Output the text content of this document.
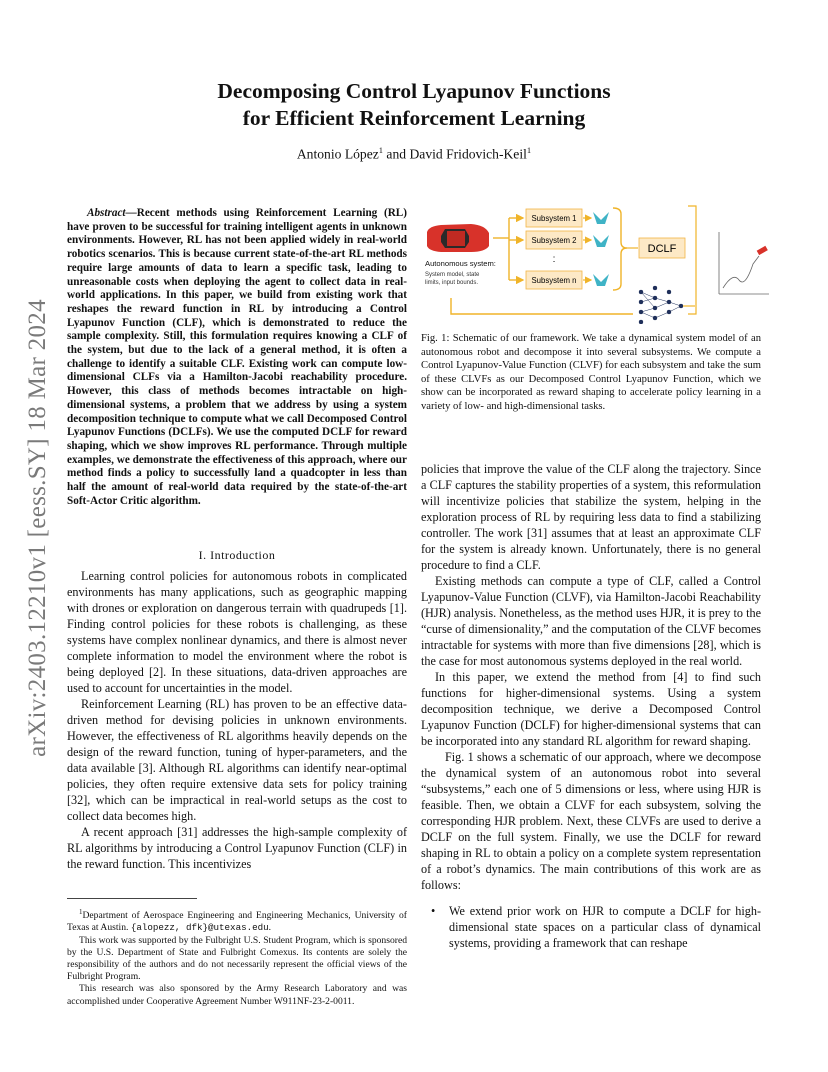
arXiv:2403.12210v1 [eess.SY] 18 Mar 2024
Decomposing Control Lyapunov Functions
for Efficient Reinforcement Learning
Antonio López$^1$ and David Fridovich-Keil$^1$
Abstract—Recent methods using Reinforcement Learning (RL) have proven to be successful for training intelligent agents in unknown environments. However, RL has not been applied widely in real-world robotics scenarios. This is because current state-of-the-art RL methods require large amounts of data to learn a specific task, leading to unreasonable costs when deploying the agent to collect data in real-world applications. In this paper, we build from existing work that reshapes the reward function in RL by introducing a Control Lyapunov Function (CLF), which is demonstrated to reduce the sample complexity. Still, this formulation requires knowing a CLF of the system, but due to the lack of a general method, it is often a challenge to identify a suitable CLF. Existing work can compute low-dimensional CLFs via a Hamilton-Jacobi reachability procedure. However, this class of methods becomes intractable on high-dimensional systems, a problem that we address by using a system decomposition technique to compute what we call Decomposed Control Lyapunov Functions (DCLFs). We use the computed DCLF for reward shaping, which we show improves RL performance. Through multiple examples, we demonstrate the effectiveness of this approach, where our method finds a policy to successfully land a quadcopter in less than half the amount of real-world data required by the state-of-the-art Soft-Actor Critic algorithm.
I. Introduction

Learning control policies for autonomous robots in complicated environments has many applications, such as geographic mapping with drones or exploration on dangerous terrain with quadrupeds [1]. Finding control policies for these robots is challenging, as these systems have complex nonlinear dynamics, and there is almost never complete information to model the environment where the robot is being deployed [2]. In these situations, data-driven approaches are used to account for uncertainties in the model.

Reinforcement Learning (RL) has proven to be an effective data-driven method for devising policies in unknown environments. However, the effectiveness of RL algorithms heavily depends on the design of the reward function, tuning of hyper-parameters, and the data available [3]. Although RL algorithms can identify near-optimal policies, they often require extensive data sets for policy training [32], which can be impractical in real-world setups as the cost to collect data becomes high.

A recent approach [31] addresses the high-sample complexity of RL algorithms by introducing a Control Lyapunov Function (CLF) in the reward function. This incentivizes

$^1$Department of Aerospace Engineering and Engineering Mechanics, University of Texas at Austin. {alopezz, dfk}@utexas.edu.

This work was supported by the Fulbright U.S. Student Program, which is sponsored by the U.S. Department of State and Fulbright Comexus. Its contents are solely the responsibility of the authors and do not necessarily represent the official views of the Fulbright Program.

This research was also sponsored by the Army Research Laboratory and was accomplished under Cooperative Agreement Number W911NF-23-2-0011.

Autonomous system:
System model, state
limits, input bounds.
Subsystem 1
Subsystem 2
:
Subsystem n
DCLF
Fig. 1: Schematic of our framework. We take a dynamical system model of an autonomous robot and decompose it into several subsystems. We compute a Control Lyapunov-Value Function (CLVF) for each subsystem and take the sum of these CLVFs as our Decomposed Control Lyapunov Function, which we show can be incorporated as reward shaping to accelerate policy learning in a variety of low- and high-dimensional tasks.

policies that improve the value of the CLF along the trajectory. Since a CLF captures the stability properties of a system, this reformulation will incentivize policies that stabilize the system, helping in the exploration process of RL by requiring less data to find a stabilizing controller. The work [31] assumes that at least an approximate CLF for the system is already known. Unfortunately, there is no general procedure to find a CLF.

Existing methods can compute a type of CLF, called a Control Lyapunov-Value Function (CLVF), via Hamilton-Jacobi Reachability (HJR) analysis. Nonetheless, as the method uses HJR, it is prey to the “curse of dimensionality,” and the computation of the CLVF becomes intractable for systems with more than five dimensions [28], which is the case for most autonomous systems deployed in the real world.

In this paper, we extend the method from [4] to find such functions for higher-dimensional systems. Using a system decomposition technique, we derive a Decomposed Control Lyapunov Function (DCLF) for higher-dimensional systems that can be incorporated into any standard RL algorithm for reward shaping.

Fig. 1 shows a schematic of our approach, where we decompose the dynamical system of an autonomous robot into several “subsystems,” each one of 5 dimensions or less, where using HJR is feasible. Then, we obtain a CLVF for each subsystem, solving the corresponding HJR problem. Next, these CLVFs are used to derive a DCLF on the full system. Finally, we use the DCLF for reward shaping in RL to obtain a policy on a complete system representation of a robot’s dynamics. The main contributions of this work are as follows:

• We extend prior work on HJR to compute a DCLF for high-dimensional state spaces on a particular class of dynamical systems, providing a framework that can reshape
